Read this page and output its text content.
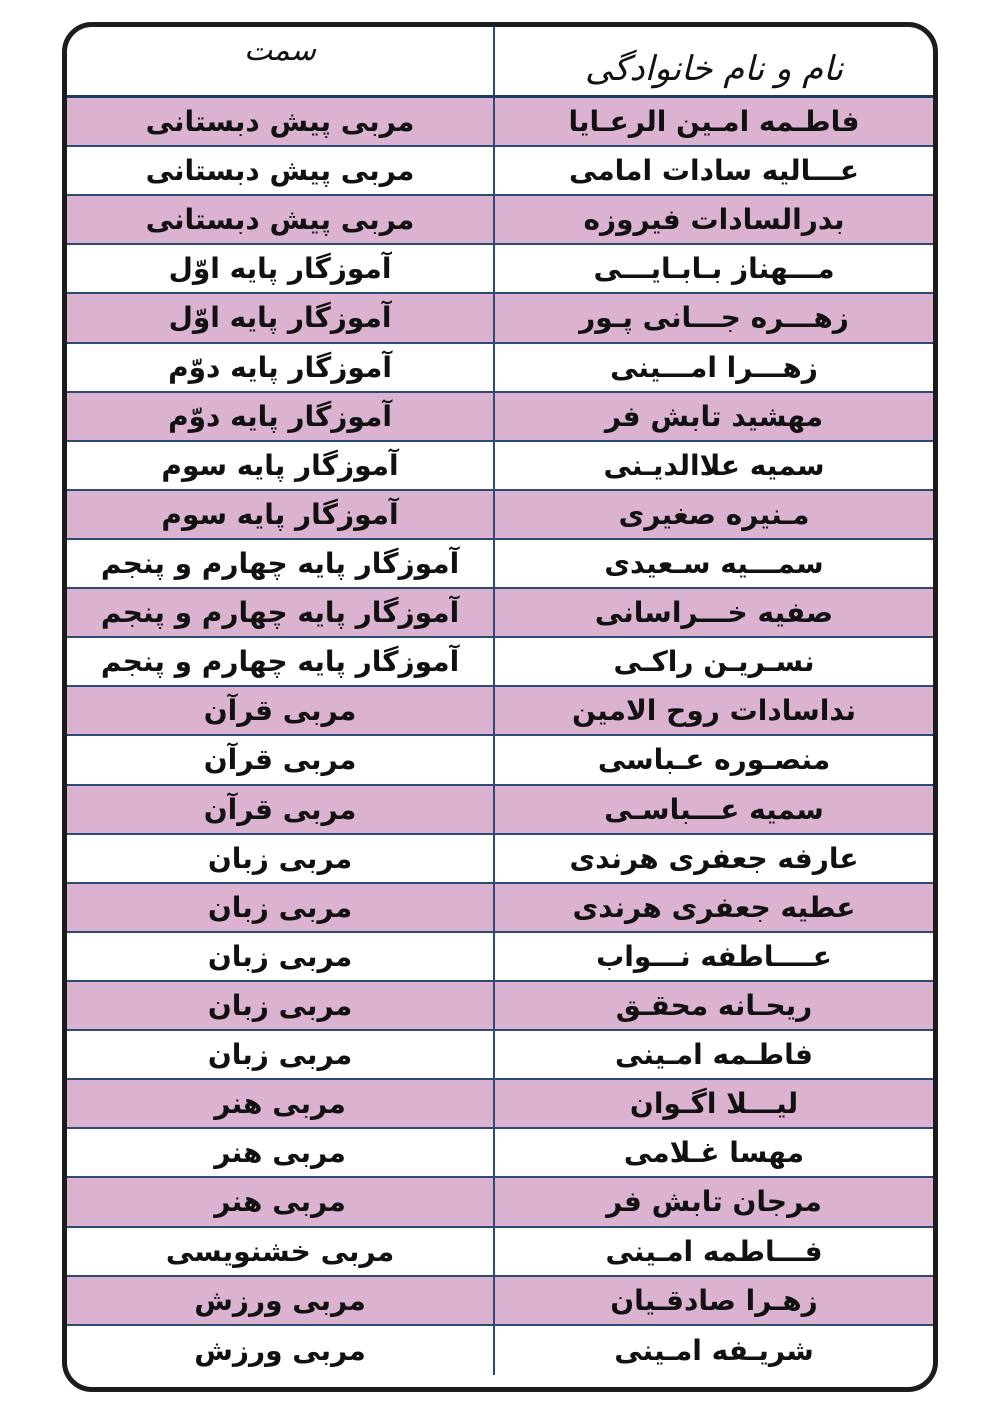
نام و نام خانوادگی
سمت
فاطـمه امـین الرعـایا
مربی پیش دبستانی
عـــالیه سادات امامی
مربی پیش دبستانی
بدرالسادات فیروزه
مربی پیش دبستانی
مـــهناز بـابـایـــی
آموزگار پایه اوّل
زهـــره جـــانی پـور
آموزگار پایه اوّل
زهـــرا امـــینی
آموزگار پایه دوّم
مهشید تابش فر
آموزگار پایه دوّم
سمیه علاالدیـنی
آموزگار پایه سوم
مـنیره صغیری
آموزگار پایه سوم
سمـــیه سـعیدی
آموزگار پایه چهارم و پنجم
صفیه خـــراسانی
آموزگار پایه چهارم و پنجم
نسـریـن راکـی
آموزگار پایه چهارم و پنجم
نداسادات روح الامین
مربی قرآن
منصـوره عـباسی
مربی قرآن
سمیه عـــباسـی
مربی قرآن
عارفه جعفری هرندی
مربی زبان
عطیه جعفری هرندی
مربی زبان
عــــاطفه نـــواب
مربی زبان
ریحـانه محقـق
مربی زبان
فاطـمه امـینی
مربی زبان
لیـــلا اگـوان
مربی هنر
مهسا غـلامی
مربی هنر
مرجان تابش فر
مربی هنر
فـــاطمه امـینی
مربی خشنویسی
زهـرا صادقـیان
مربی ورزش
شریـفه امـینی
مربی ورزش
